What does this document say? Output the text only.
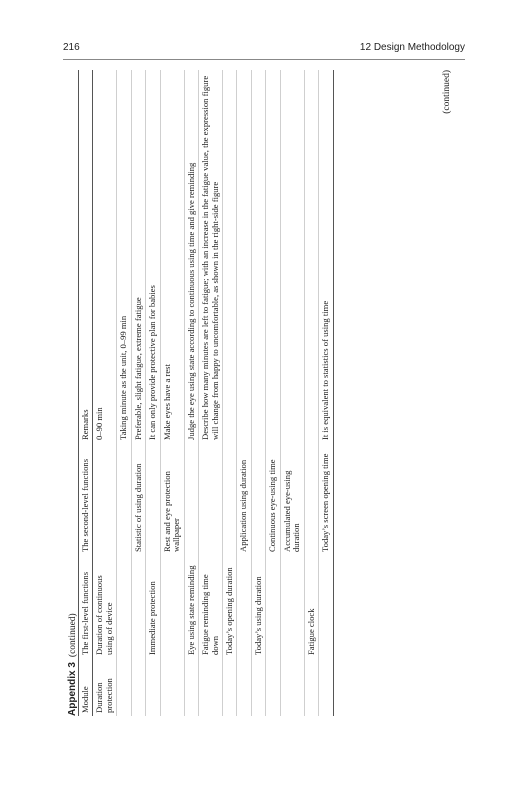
216	12 Design Methodology
Appendix 3(continued)
Module	The first-level functions	The second-level functions	Remarks
Duration protection	Duration of continuous using of device		0–90 min
			Taking minute as the unit, 0–99 min
		Statistic of using duration	Preferable, slight fatigue, extreme fatigue
	Immediate protection		It can only provide protective plan for babies
		Rest and eye protection wallpaper	Make eyes have a rest
	Eye using state reminding		Judge the eye using state according to continuous using time and give reminding
	Fatigue reminding time down		Describe how many minutes are left to fatigue; with an increase in the fatigue value, the expression figure will change from happy to uncomfortable, as shown in the right-side figure
	Today’s opening duration		
		Application using duration	
	Today’s using duration		
		Continuous eye-using time	
		Accumulated eye-using duration	
	Fatigue clock		
		Today’s screen opening time	It is equivalent to statistics of using time
(continued)
